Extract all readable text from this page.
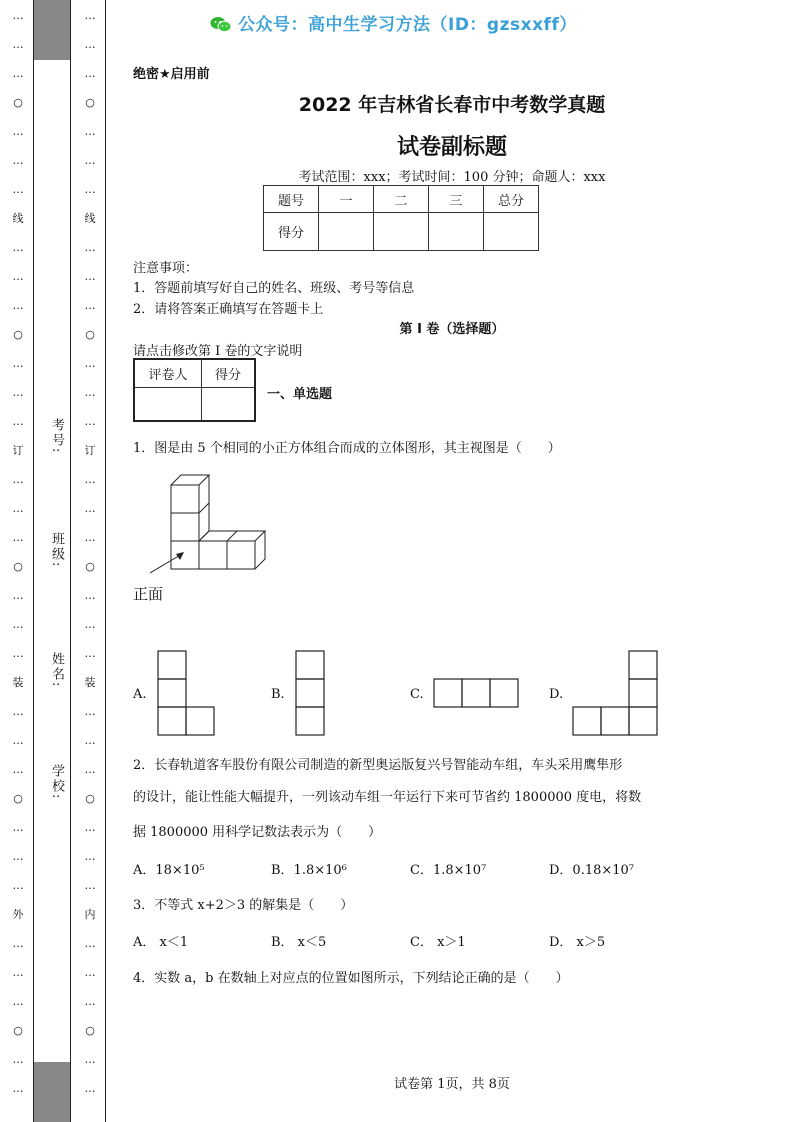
公众号：高中生学习方法（ID：gzsxxff）
…
…
…
○
…
…
…
线
…
…
…
○
…
…
…
订
…
…
…
○
…
…
…
装
…
…
…
○
…
…
…
外
…
…
…
○
…
…
…
…
…
○
…
…
…
线
…
…
…
○
…
…
…
订
…
…
…
○
…
…
…
装
…
…
…
○
…
…
…
内
…
…
…
○
…
…
考号:
班级:
姓名:
学校:
绝密★启用前
2022 年吉林省长春市中考数学真题
试卷副标题
考试范围：xxx；考试时间：100 分钟；命题人：xxx
题号	一	二	三	总分
得分				
注意事项：
1．答题前填写好自己的姓名、班级、考号等信息
2．请将答案正确填写在答题卡上
第 I 卷（选择题）
请点击修改第 I 卷的文字说明
评卷人	得分

一、单选题
1．图是由 5 个相同的小正方体组合而成的立体图形，其主视图是（　　）
正面
A.	B.	C.	D.
2．长春轨道客车股份有限公司制造的新型奥运版复兴号智能动车组，车头采用鹰隼形
的设计，能让性能大幅提升，一列该动车组一年运行下来可节省约 1800000 度电，将数
据 1800000 用科学记数法表示为（　　）
A．18×10⁵	B．1.8×10⁶	C．1.8×10⁷	D．0.18×10⁷
3．不等式 x+2＞3 的解集是（　　）
A． x＜1	B． x＜5	C． x＞1	D． x＞5
4．实数 a，b 在数轴上对应点的位置如图所示，下列结论正确的是（　　）
试卷第 1页，共 8页
